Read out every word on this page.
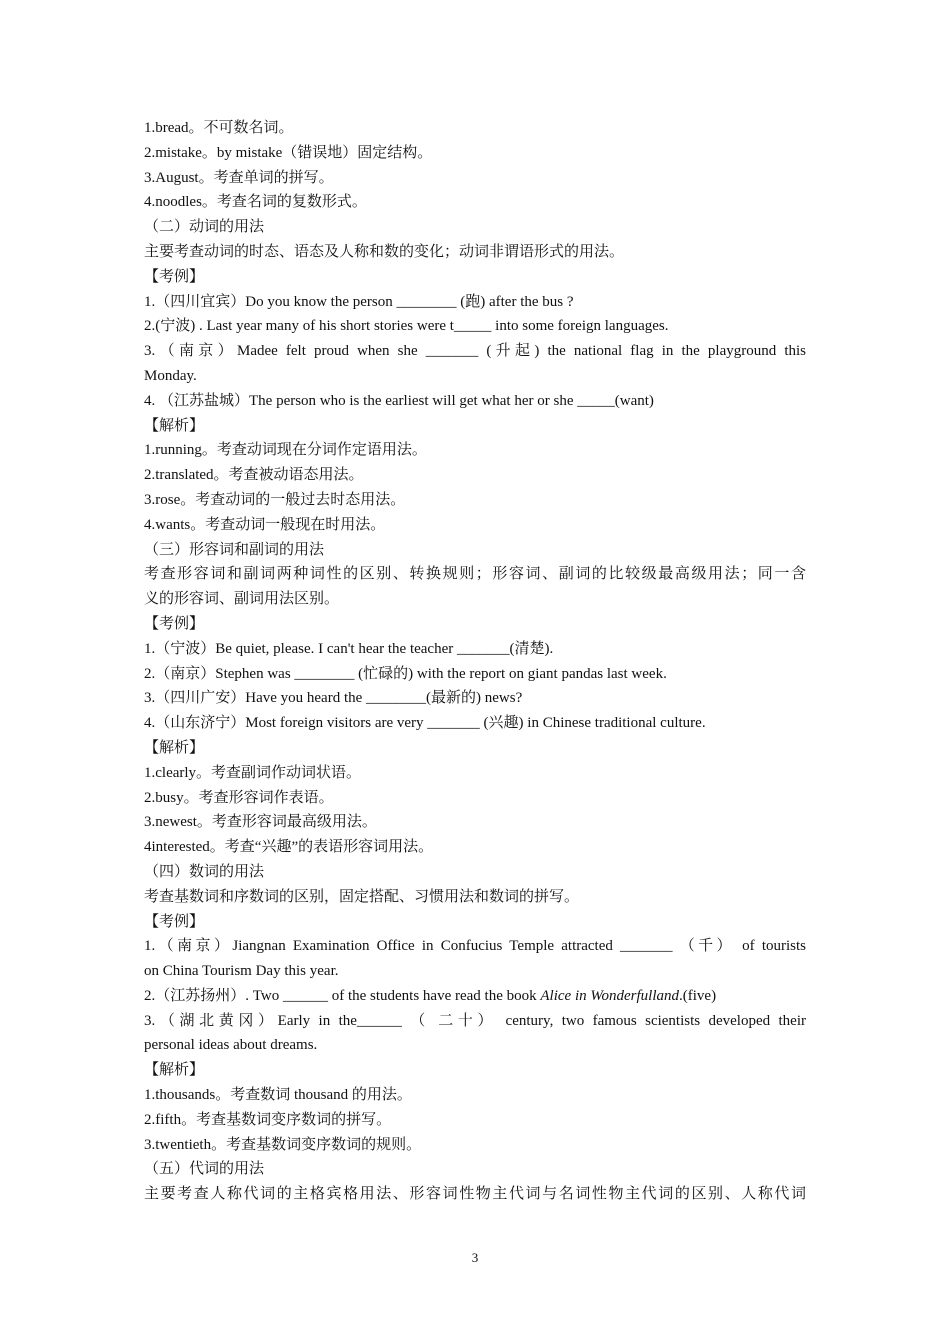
1.bread。不可数名词。
2.mistake。by mistake（错误地）固定结构。
3.August。考查单词的拼写。
4.noodles。考查名词的复数形式。
（二）动词的用法
主要考查动词的时态、语态及人称和数的变化；动词非谓语形式的用法。
【考例】
1.（四川宜宾）Do you know the person ________ (跑) after the bus ?
2.(宁波) . Last year many of his short stories were t_____ into some foreign languages.
3.（南京）Madee felt proud when she _______ (升起) the national flag in the playground this
Monday.
4. （江苏盐城）The person who is the earliest will get what her or she _____(want)
【解析】
1.running。考查动词现在分词作定语用法。
2.translated。考查被动语态用法。
3.rose。考查动词的一般过去时态用法。
4.wants。考查动词一般现在时用法。
（三）形容词和副词的用法
考查形容词和副词两种词性的区别、转换规则；形容词、副词的比较级最高级用法；同一含
义的形容词、副词用法区别。
【考例】
1.（宁波）Be quiet, please. I can't hear the teacher _______(清楚).
2.（南京）Stephen was ________ (忙碌的) with the report on giant pandas last week.
3.（四川广安）Have you heard the ________(最新的) news?
4.（山东济宁）Most foreign visitors are very _______ (兴趣) in Chinese traditional culture.
【解析】
1.clearly。考查副词作动词状语。
2.busy。考查形容词作表语。
3.newest。考查形容词最高级用法。
4interested。考查“兴趣”的表语形容词用法。
（四）数词的用法
考查基数词和序数词的区别，固定搭配、习惯用法和数词的拼写。
【考例】
1.（南京）Jiangnan Examination Office in Confucius Temple attracted _______ （千） of tourists
on China Tourism Day this year.
2.（江苏扬州）. Two ______ of the students have read the book Alice in Wonderfulland.(five)
3.（湖北黄冈）Early in the______ （ 二十） century, two famous scientists developed their
personal ideas about dreams.
【解析】
1.thousands。考查数词 thousand 的用法。
2.fifth。考查基数词变序数词的拼写。
3.twentieth。考查基数词变序数词的规则。
（五）代词的用法
主要考查人称代词的主格宾格用法、形容词性物主代词与名词性物主代词的区别、人称代词
3
